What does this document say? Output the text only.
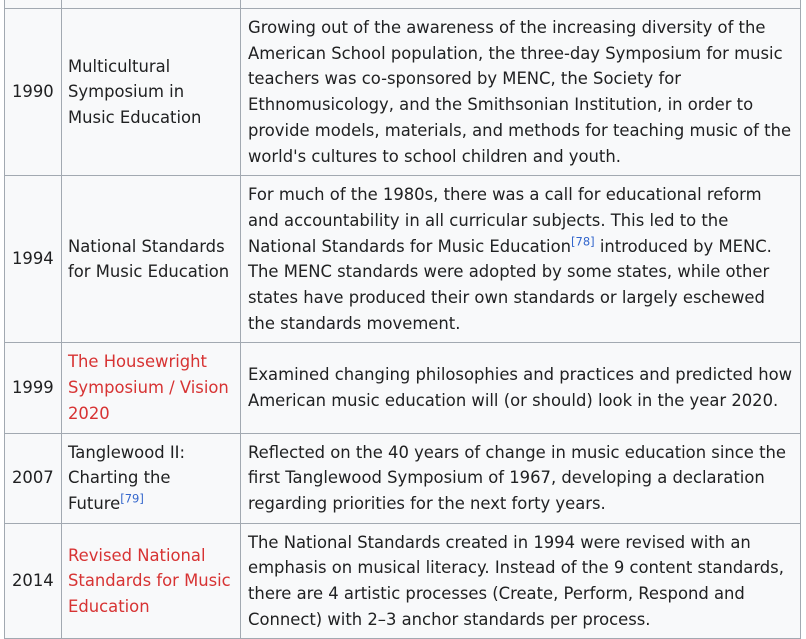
1990	Multicultural Symposium in Music Education	Growing out of the awareness of the increasing diversity of the American School population, the three-day Symposium for music teachers was co-sponsored by MENC, the Society for Ethnomusicology, and the Smithsonian Institution, in order to provide models, materials, and methods for teaching music of the world's cultures to school children and youth.
1994	National Standards for Music Education	For much of the 1980s, there was a call for educational reform and accountability in all curricular subjects. This led to the National Standards for Music Education[78] introduced by MENC. The MENC standards were adopted by some states, while other states have produced their own standards or largely eschewed the standards movement.
1999	The Housewright Symposium / Vision 2020	Examined changing philosophies and practices and predicted how American music education will (or should) look in the year 2020.
2007	Tanglewood II: Charting the Future[79]	Reflected on the 40 years of change in music education since the first Tanglewood Symposium of 1967, developing a declaration regarding priorities for the next forty years.
2014	Revised National Standards for Music Education	The National Standards created in 1994 were revised with an emphasis on musical literacy. Instead of the 9 content standards, there are 4 artistic processes (Create, Perform, Respond and Connect) with 2–3 anchor standards per process.
